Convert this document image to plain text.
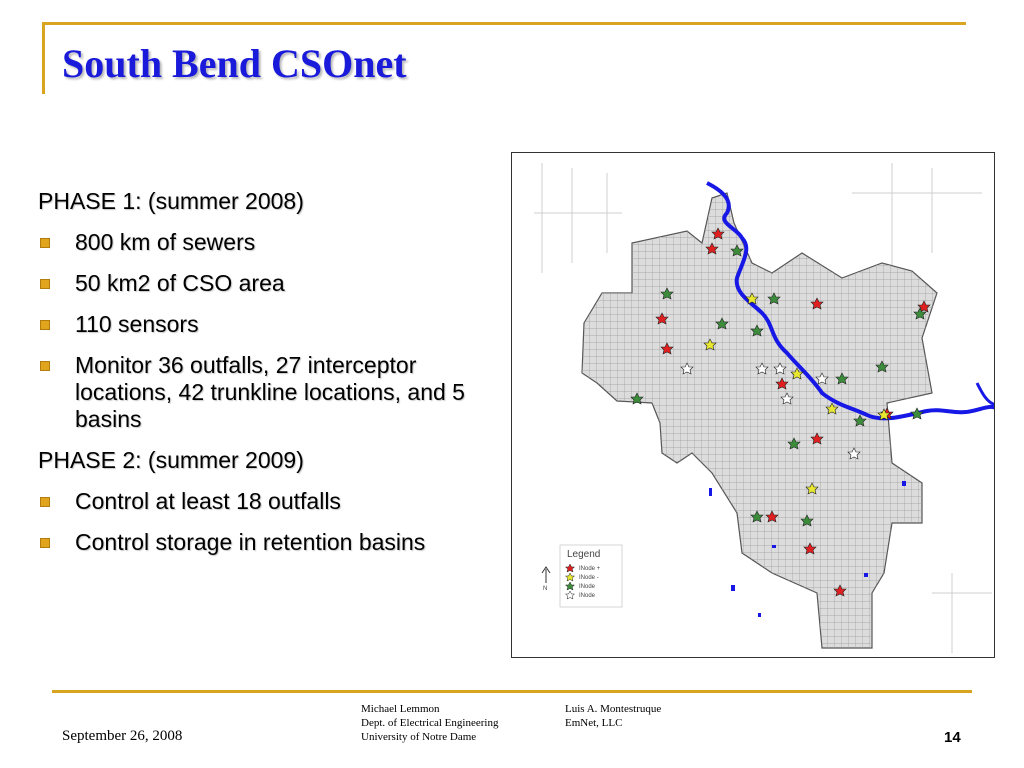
South Bend CSOnet

PHASE 1: (summer 2008)

800 km of sewers
50 km2 of CSO area
110 sensors
Monitor 36 outfalls, 27 interceptor locations, 42 trunkline locations, and 5 basins

PHASE 2: (summer 2009)

Control at least 18 outfalls
Control storage in retention basins	Legend
N
INode +
INode -
INode
INode
September 26, 2008
Michael Lemmon
Dept. of Electrical Engineering
University of Notre Dame
Luis A. Montestruque
EmNet, LLC
14
